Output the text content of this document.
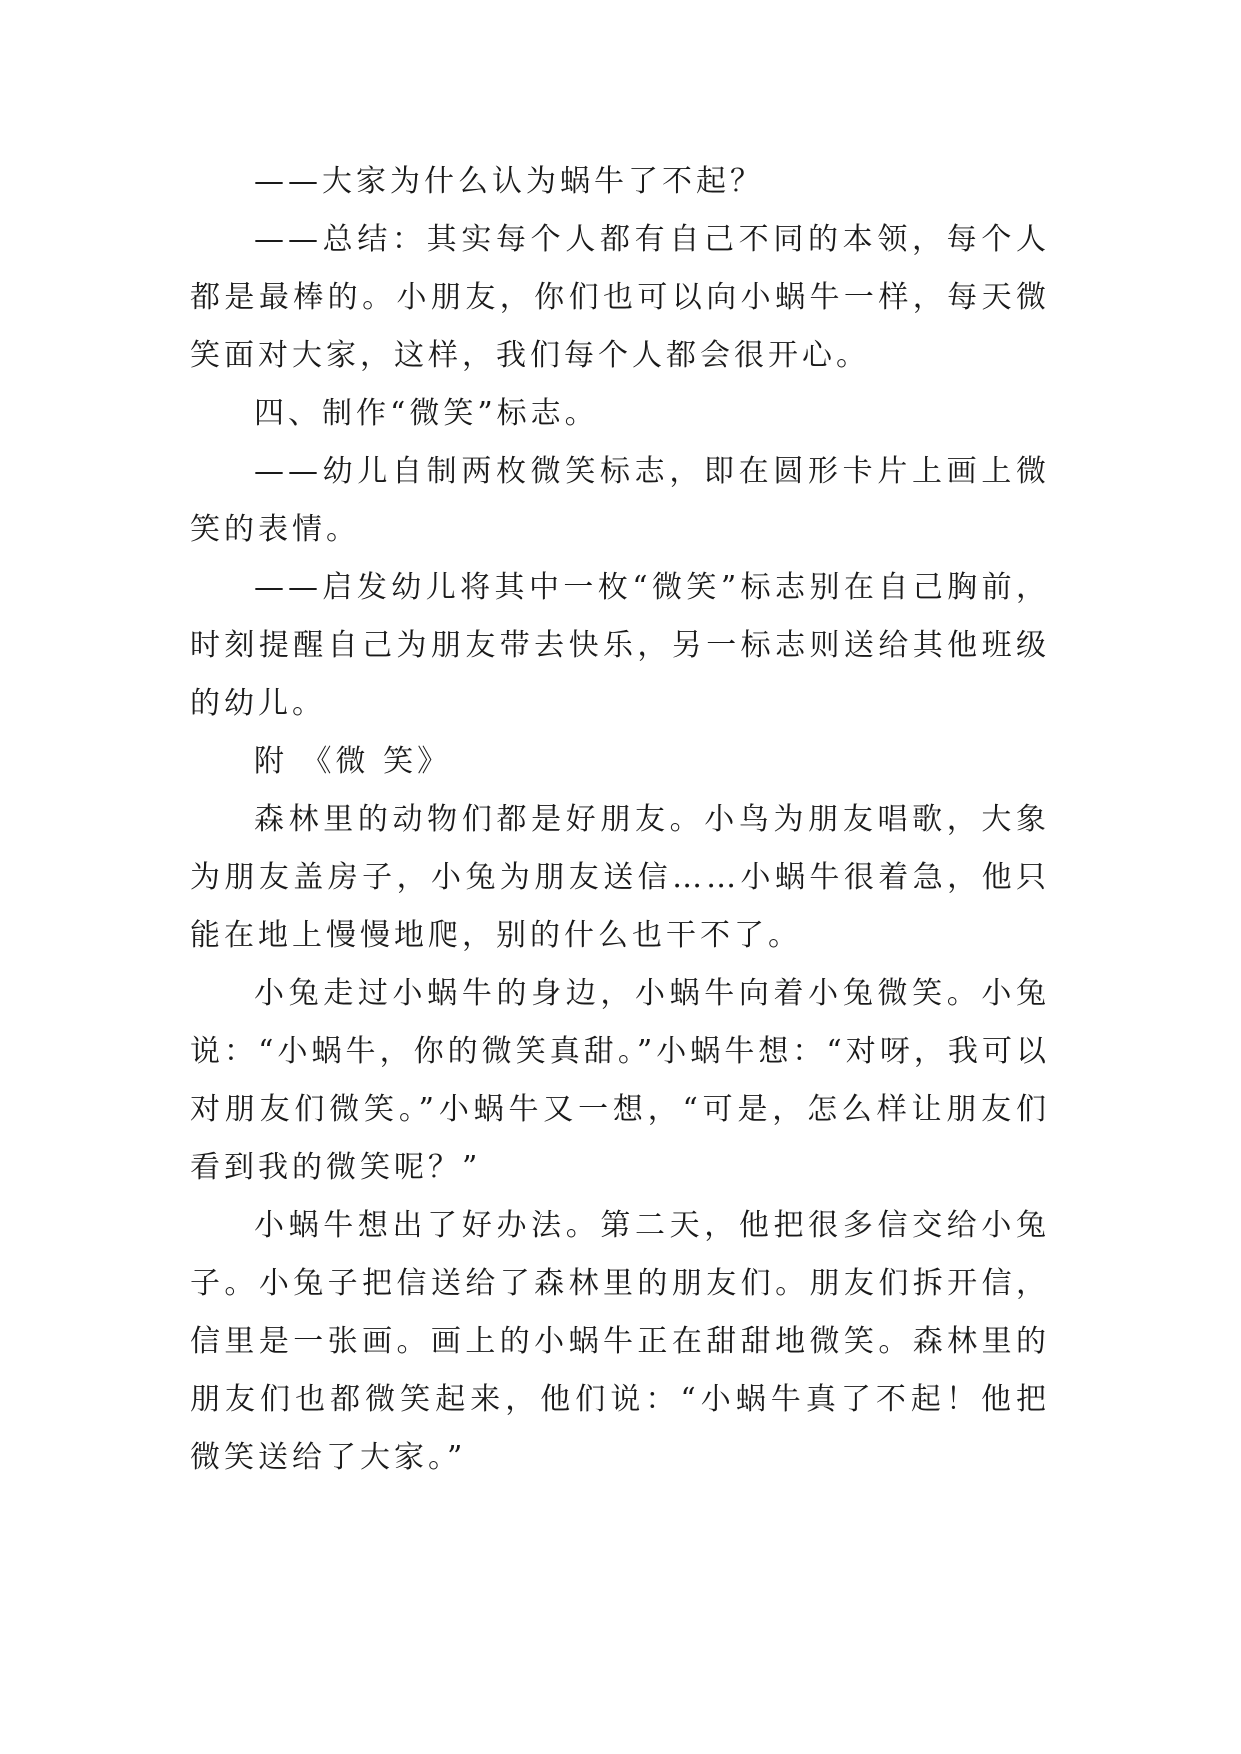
——大家为什么认为蜗牛了不起？

——总结：其实每个人都有自己不同的本领，每个人都是最棒的。小朋友，你们也可以向小蜗牛一样，每天微笑面对大家，这样，我们每个人都会很开心。

四、制作“微笑”标志。

——幼儿自制两枚微笑标志，即在圆形卡片上画上微笑的表情。

——启发幼儿将其中一枚“微笑”标志别在自己胸前，时刻提醒自己为朋友带去快乐，另一标志则送给其他班级的幼儿。

附 《微 笑》

森林里的动物们都是好朋友。小鸟为朋友唱歌，大象为朋友盖房子，小兔为朋友送信……小蜗牛很着急，他只能在地上慢慢地爬，别的什么也干不了。

小兔走过小蜗牛的身边，小蜗牛向着小兔微笑。小兔说：“小蜗牛，你的微笑真甜。”小蜗牛想：“对呀，我可以对朋友们微笑。”小蜗牛又一想，“可是，怎么样让朋友们看到我的微笑呢？”

小蜗牛想出了好办法。第二天，他把很多信交给小兔子。小兔子把信送给了森林里的朋友们。朋友们拆开信，信里是一张画。画上的小蜗牛正在甜甜地微笑。森林里的朋友们也都微笑起来，他们说：“小蜗牛真了不起！他把微笑送给了大家。”
